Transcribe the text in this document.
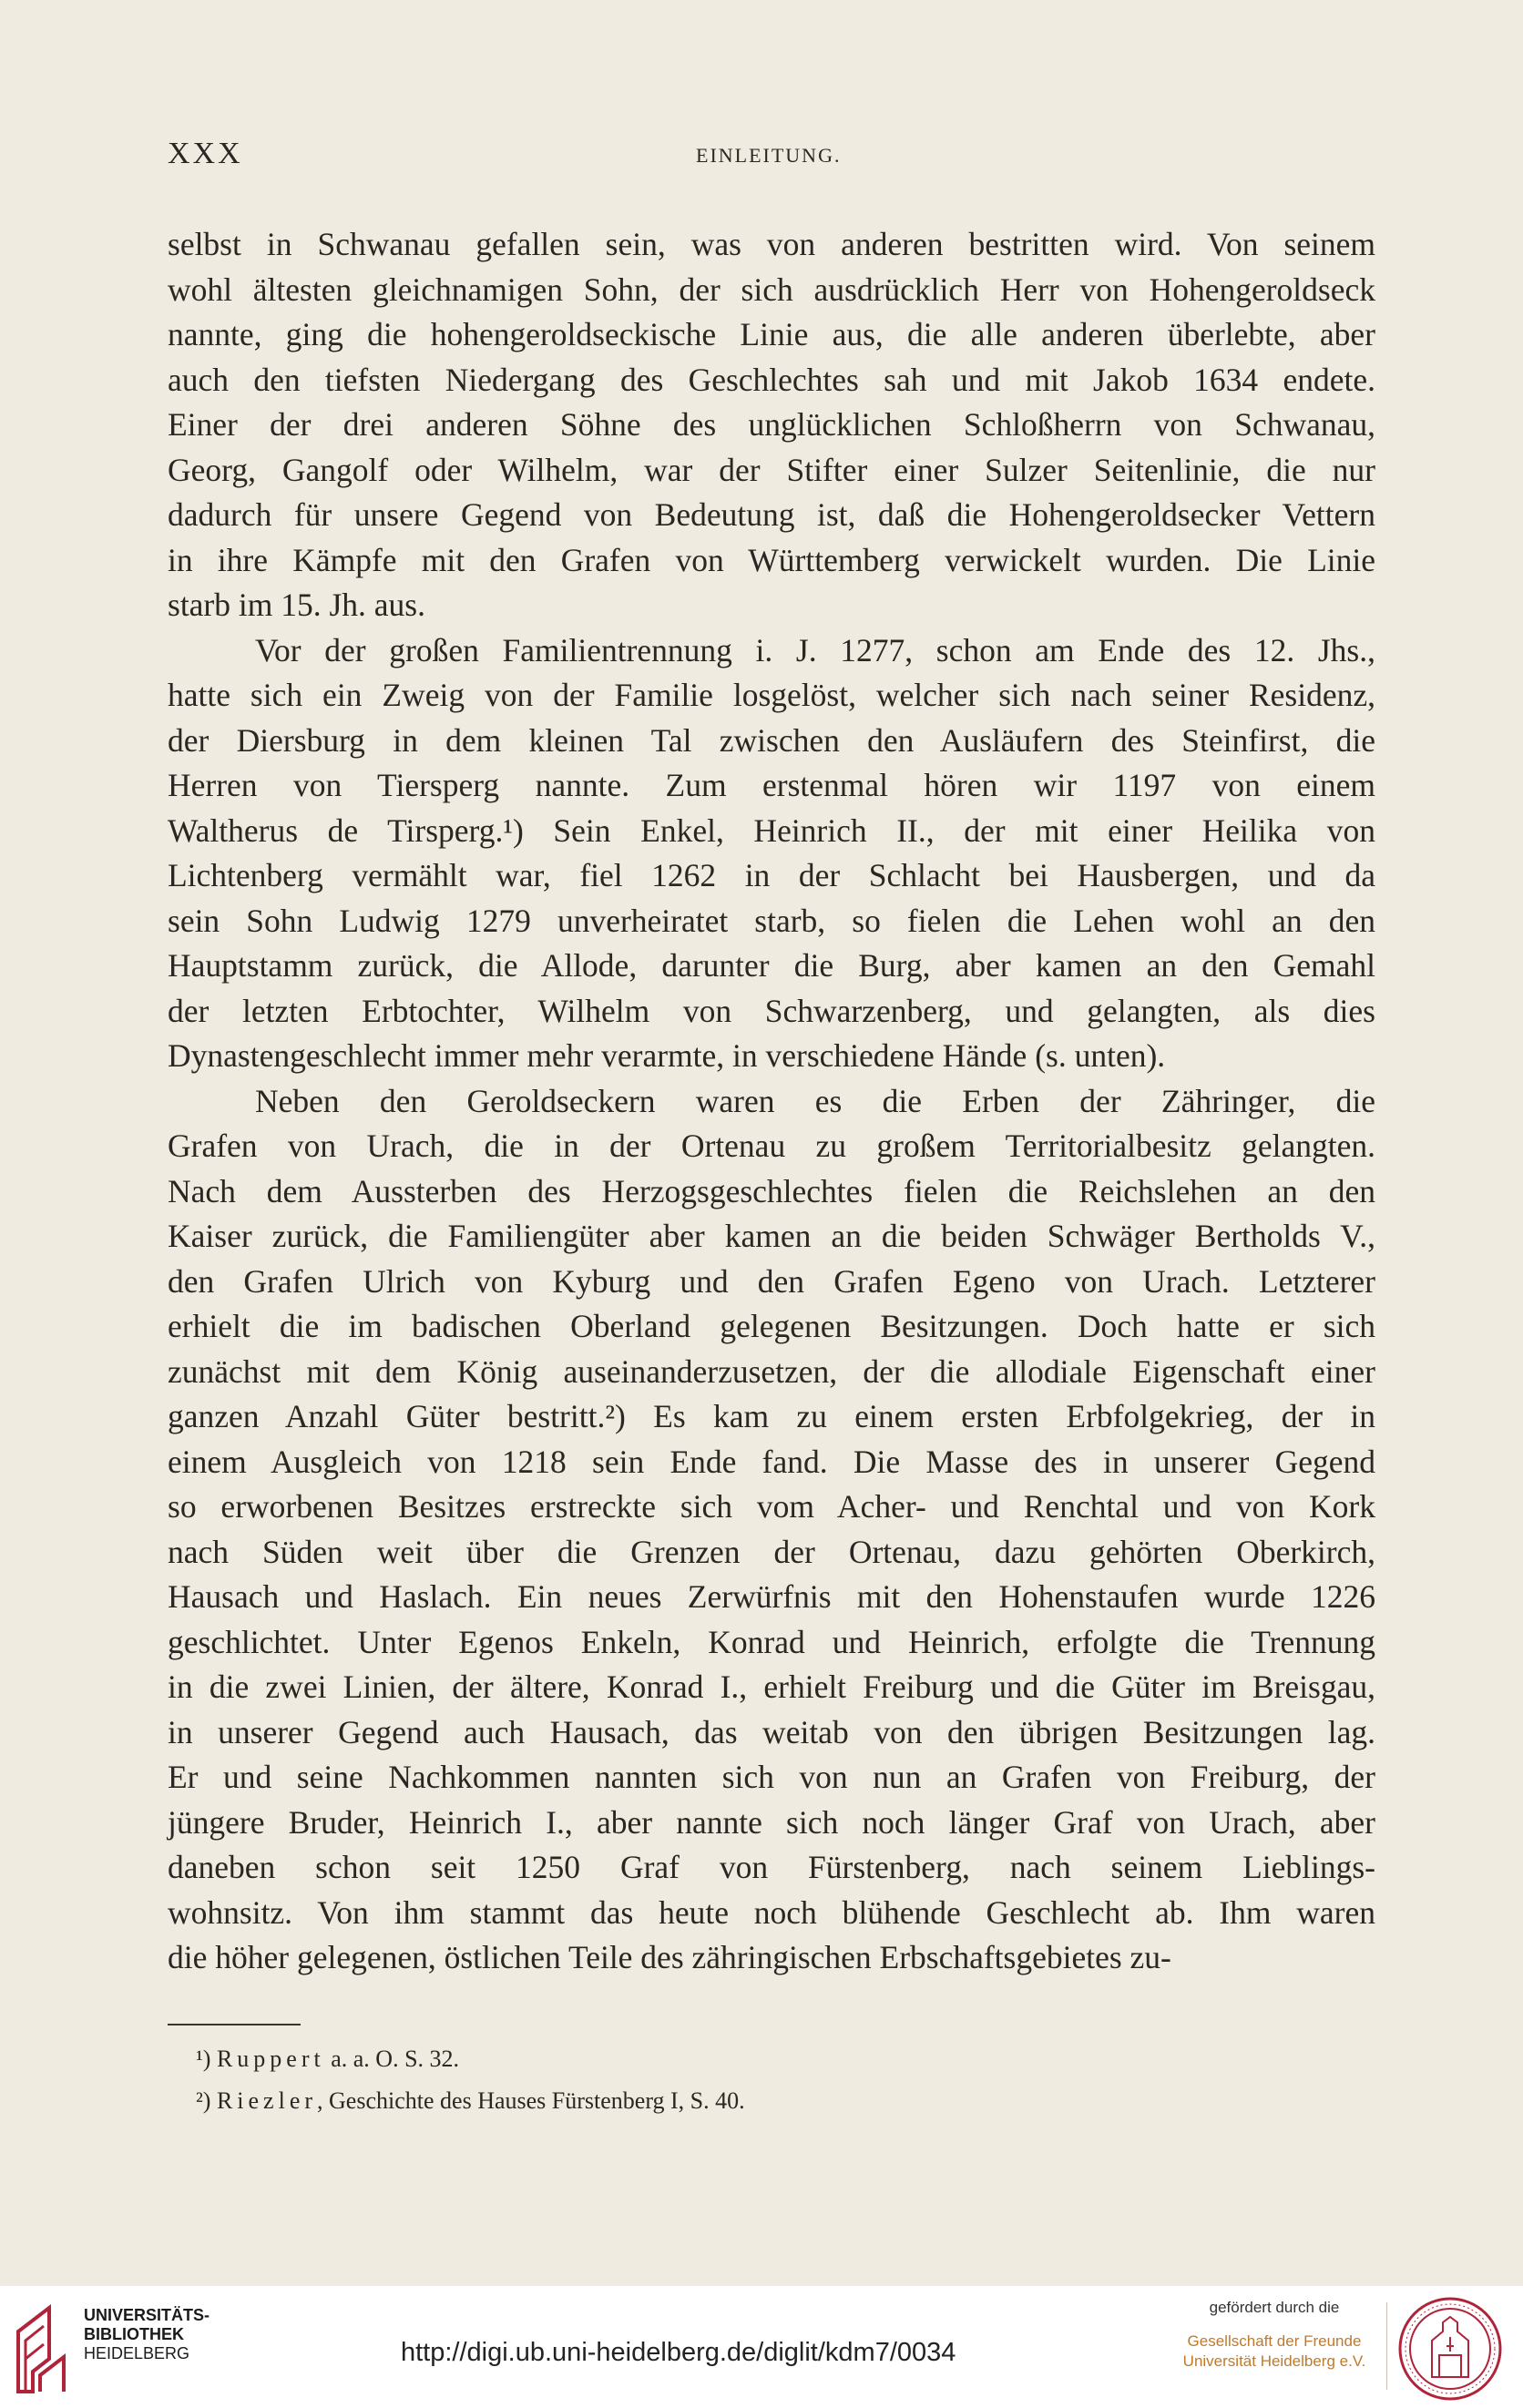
XXX	EINLEITUNG.
selbst in Schwanau gefallen sein, was von anderen bestritten wird. Von seinem
wohl ältesten gleichnamigen Sohn, der sich ausdrücklich Herr von Hohengeroldseck
nannte, ging die hohengeroldseckische Linie aus, die alle anderen überlebte, aber
auch den tiefsten Niedergang des Geschlechtes sah und mit Jakob 1634 endete.
Einer der drei anderen Söhne des unglücklichen Schloßherrn von Schwanau,
Georg, Gangolf oder Wilhelm, war der Stifter einer Sulzer Seitenlinie, die nur
dadurch für unsere Gegend von Bedeutung ist, daß die Hohengeroldsecker Vettern
in ihre Kämpfe mit den Grafen von Württemberg verwickelt wurden. Die Linie
starb im 15. Jh. aus.
Vor der großen Familientrennung i. J. 1277, schon am Ende des 12. Jhs.,
hatte sich ein Zweig von der Familie losgelöst, welcher sich nach seiner Residenz,
der Diersburg in dem kleinen Tal zwischen den Ausläufern des Steinfirst, die
Herren von Tiersperg nannte. Zum erstenmal hören wir 1197 von einem
Waltherus de Tirsperg.¹) Sein Enkel, Heinrich II., der mit einer Heilika von
Lichtenberg vermählt war, fiel 1262 in der Schlacht bei Hausbergen, und da
sein Sohn Ludwig 1279 unverheiratet starb, so fielen die Lehen wohl an den
Hauptstamm zurück, die Allode, darunter die Burg, aber kamen an den Gemahl
der letzten Erbtochter, Wilhelm von Schwarzenberg, und gelangten, als dies
Dynastengeschlecht immer mehr verarmte, in verschiedene Hände (s. unten).
Neben den Geroldseckern waren es die Erben der Zähringer, die
Grafen von Urach, die in der Ortenau zu großem Territorialbesitz gelangten.
Nach dem Aussterben des Herzogsgeschlechtes fielen die Reichslehen an den
Kaiser zurück, die Familiengüter aber kamen an die beiden Schwäger Bertholds V.,
den Grafen Ulrich von Kyburg und den Grafen Egeno von Urach. Letzterer
erhielt die im badischen Oberland gelegenen Besitzungen. Doch hatte er sich
zunächst mit dem König auseinanderzusetzen, der die allodiale Eigenschaft einer
ganzen Anzahl Güter bestritt.²) Es kam zu einem ersten Erbfolgekrieg, der in
einem Ausgleich von 1218 sein Ende fand. Die Masse des in unserer Gegend
so erworbenen Besitzes erstreckte sich vom Acher- und Renchtal und von Kork
nach Süden weit über die Grenzen der Ortenau, dazu gehörten Oberkirch,
Hausach und Haslach. Ein neues Zerwürfnis mit den Hohenstaufen wurde 1226
geschlichtet. Unter Egenos Enkeln, Konrad und Heinrich, erfolgte die Trennung
in die zwei Linien, der ältere, Konrad I., erhielt Freiburg und die Güter im Breisgau,
in unserer Gegend auch Hausach, das weitab von den übrigen Besitzungen lag.
Er und seine Nachkommen nannten sich von nun an Grafen von Freiburg, der
jüngere Bruder, Heinrich I., aber nannte sich noch länger Graf von Urach, aber
daneben schon seit 1250 Graf von Fürstenberg, nach seinem Lieblings-
wohnsitz. Von ihm stammt das heute noch blühende Geschlecht ab. Ihm waren
die höher gelegenen, östlichen Teile des zähringischen Erbschaftsgebietes zu-
¹) Ruppert a. a. O. S. 32.
²) Riezler, Geschichte des Hauses Fürstenberg I, S. 40.
UNIVERSITÄTS-
BIBLIOTHEK
HEIDELBERG	http://digi.ub.uni-heidelberg.de/diglit/kdm7/0034
gefördert durch die
Gesellschaft der Freunde
Universität Heidelberg e.V.
